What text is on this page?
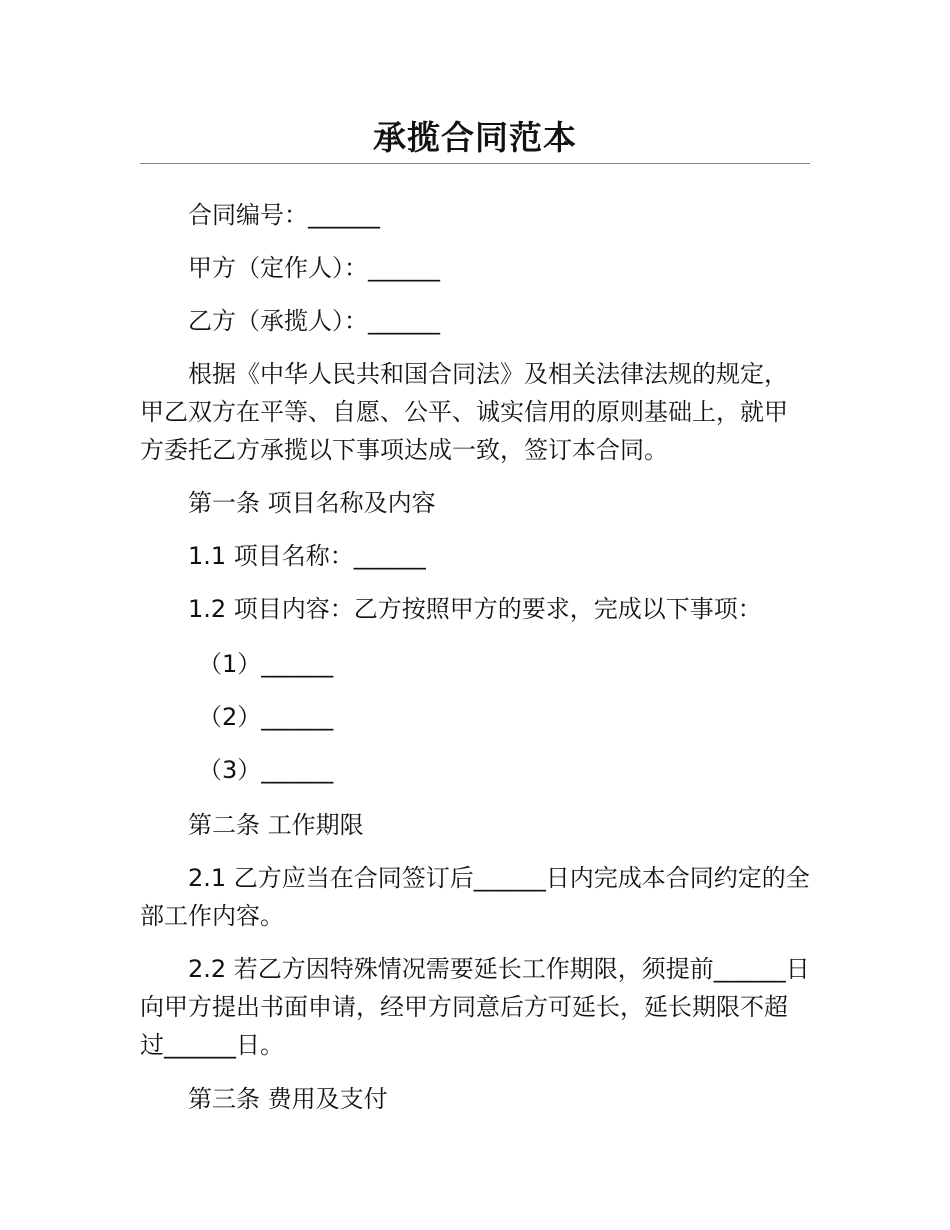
承揽合同范本

合同编号：______

甲方（定作人）：______

乙方（承揽人）：______

根据《中华人民共和国合同法》及相关法律法规的规定，甲乙双方在平等、自愿、公平、诚实信用的原则基础上，就甲方委托乙方承揽以下事项达成一致，签订本合同。

第一条 项目名称及内容

1.1 项目名称：______

1.2 项目内容：乙方按照甲方的要求，完成以下事项：

（1）______

（2）______

（3）______

第二条 工作期限

2.1 乙方应当在合同签订后______日内完成本合同约定的全部工作内容。

2.2 若乙方因特殊情况需要延长工作期限，须提前______日向甲方提出书面申请，经甲方同意后方可延长，延长期限不超过______日。

第三条 费用及支付
